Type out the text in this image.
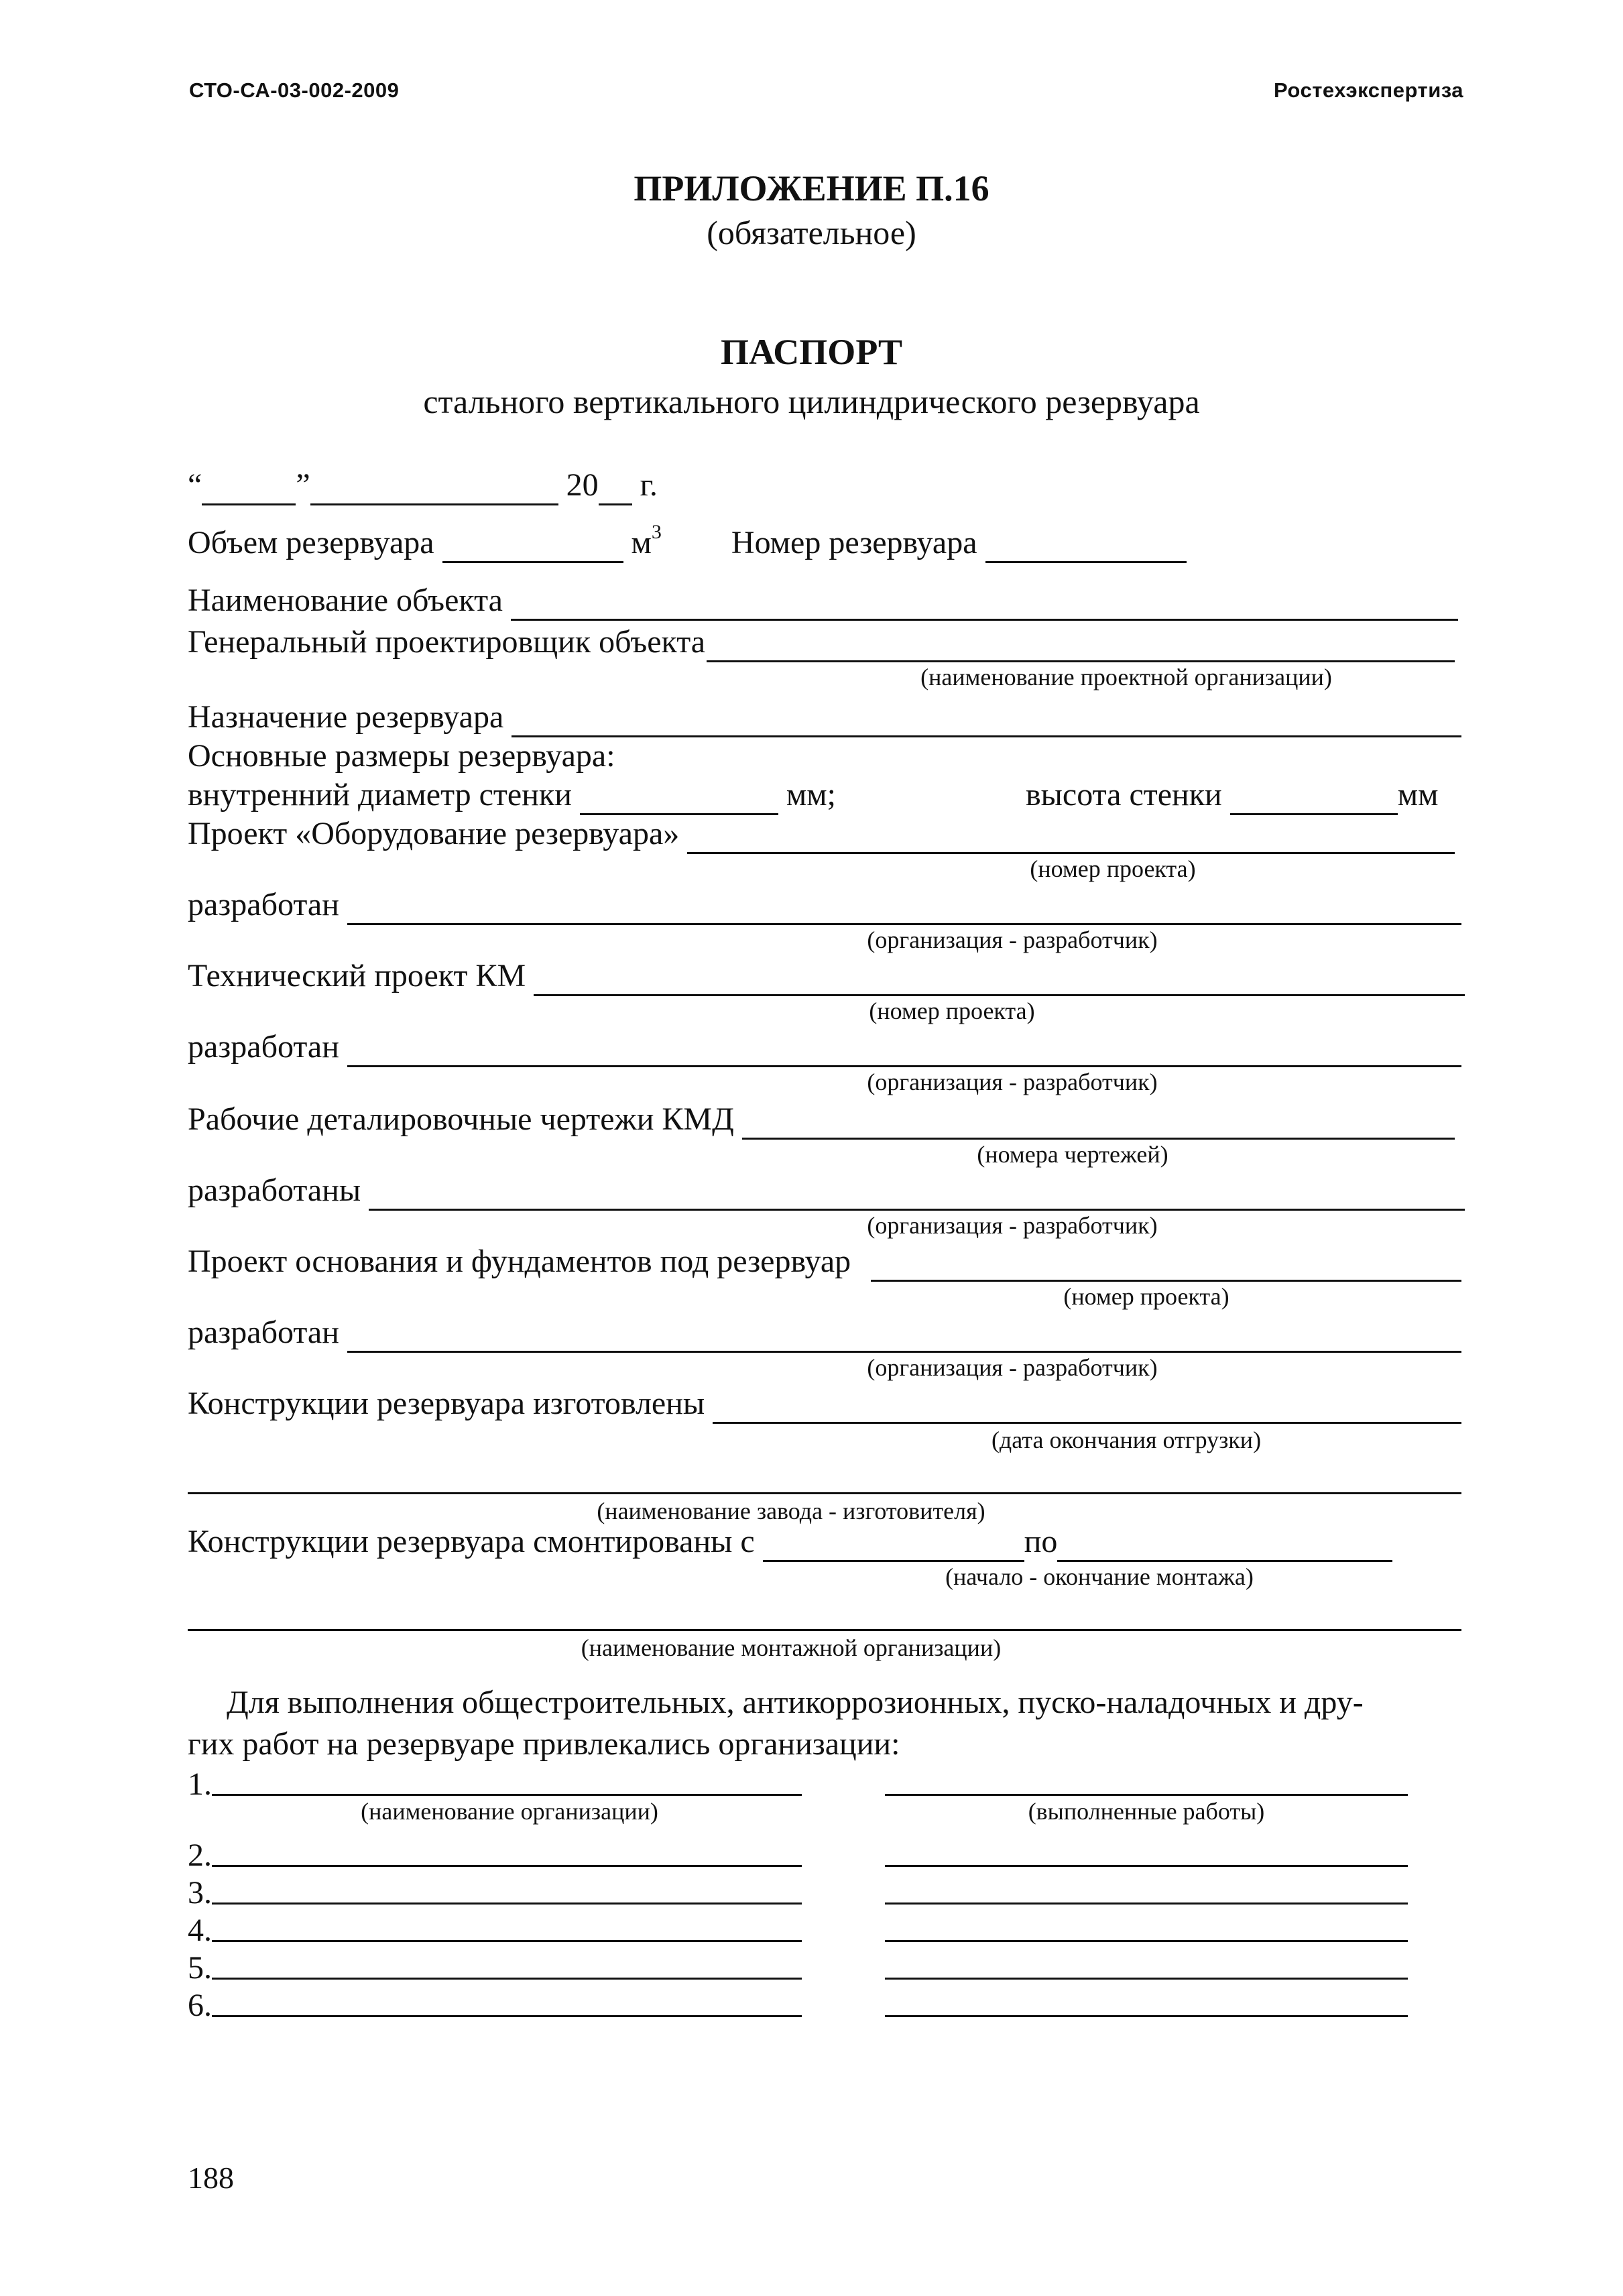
СТО-СА-03-002-2009	Ростехэкспертиза
ПРИЛОЖЕНИЕ П.16
(обязательное)
ПАСПОРТ
стального вертикального цилиндрического резервуара
“	”	20 г.
Объем резервуара	$м^3$ Номер резервуара
Наименование объекта
Генеральный проектировщик объекта
(наименование проектной организации)
Назначение резервуара
Основные размеры резервуара:
внутренний диаметр стенки	мм;	высота стенки	мм
Проект «Оборудование резервуара»
(номер проекта)
разработан
(организация - разработчик)
Технический проект КМ
(номер проекта)
разработан
(организация - разработчик)
Рабочие деталировочные чертежи КМД
(номера чертежей)
разработаны
(организация - разработчик)
Проект основания и фундаментов под резервуар
(номер проекта)
разработан
(организация - разработчик)
Конструкции резервуара изготовлены
(дата окончания отгрузки)
(наименование завода - изготовителя)
Конструкции резервуара смонтированы с	по
(начало - окончание монтажа)
(наименование монтажной организации)
Для выполнения общестроительных, антикоррозионных, пуско-наладочных и дру-
гих работ на резервуаре привлекались организации:
1.
(наименование организации)	(выполненные работы)
2.
3.
4.
5.
6.
188
